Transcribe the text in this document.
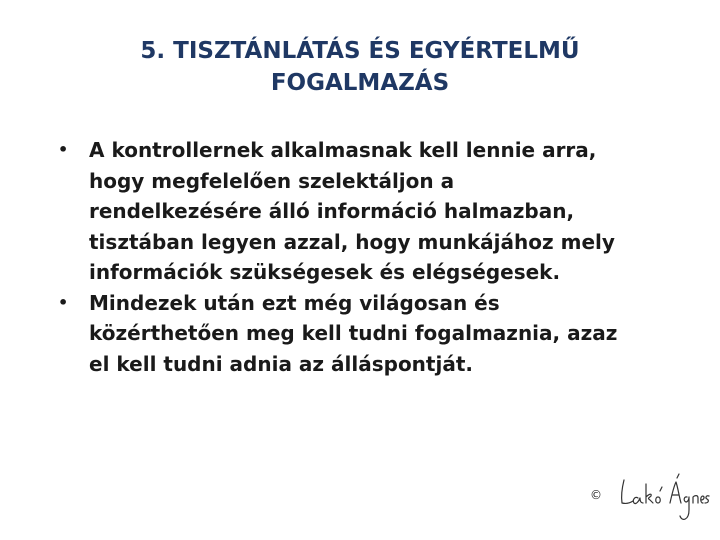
5. TISZTÁNLÁTÁS ÉS EGYÉRTELMŰ
FOGALMAZÁS
• A kontrollernek alkalmasnak kell lennie arra,
hogy megfelelően szelektáljon a
rendelkezésére álló információ halmazban,
tisztában legyen azzal, hogy munkájához mely
információk szükségesek és elégségesek.
• Mindezek után ezt még világosan és
közérthetően meg kell tudni fogalmaznia, azaz
el kell tudni adnia az álláspontját.
©
